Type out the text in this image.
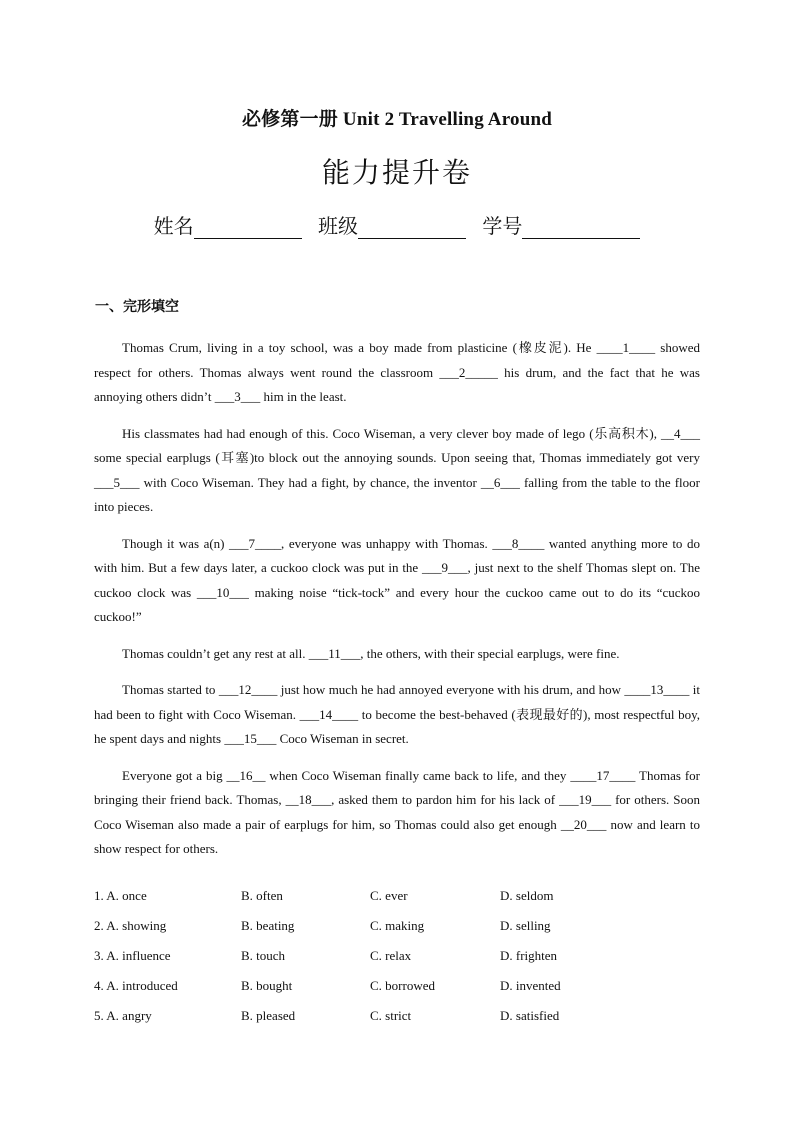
必修第一册 Unit 2 Travelling Around
能力提升卷
姓名	班级	学号
一、完形填空

Thomas Crum, living in a toy school, was a boy made from plasticine (橡皮泥). He ____1____ showed respect for others. Thomas always went round the classroom ___2_____ his drum, and the fact that he was annoying others didn’t ___3___ him in the least.

His classmates had had enough of this. Coco Wiseman, a very clever boy made of lego (乐高积木), __4___ some special earplugs (耳塞)to block out the annoying sounds. Upon seeing that, Thomas immediately got very ___5___ with Coco Wiseman. They had a fight, by chance, the inventor __6___ falling from the table to the floor into pieces.

Though it was a(n) ___7____, everyone was unhappy with Thomas. ___8____ wanted anything more to do with him. But a few days later, a cuckoo clock was put in the ___9___, just next to the shelf Thomas slept on. The cuckoo clock was ___10___ making noise “tick-tock” and every hour the cuckoo came out to do its “cuckoo cuckoo!”

Thomas couldn’t get any rest at all. ___11___, the others, with their special earplugs, were fine.

Thomas started to ___12____ just how much he had annoyed everyone with his drum, and how ____13____ it had been to fight with Coco Wiseman. ___14____ to become the best-behaved (表现最好的), most respectful boy, he spent days and nights ___15___ Coco Wiseman in secret.

Everyone got a big __16__ when Coco Wiseman finally came back to life, and they ____17____ Thomas for bringing their friend back. Thomas, __18___, asked them to pardon him for his lack of ___19___ for others. Soon Coco Wiseman also made a pair of earplugs for him, so Thomas could also get enough __20___ now and learn to show respect for others.

1. A. once	B. often	C. ever	D. seldom
2. A. showing	B. beating	C. making	D. selling
3. A. influence	B. touch	C. relax	D. frighten
4. A. introduced	B. bought	C. borrowed	D. invented
5. A. angry	B. pleased	C. strict	D. satisfied
